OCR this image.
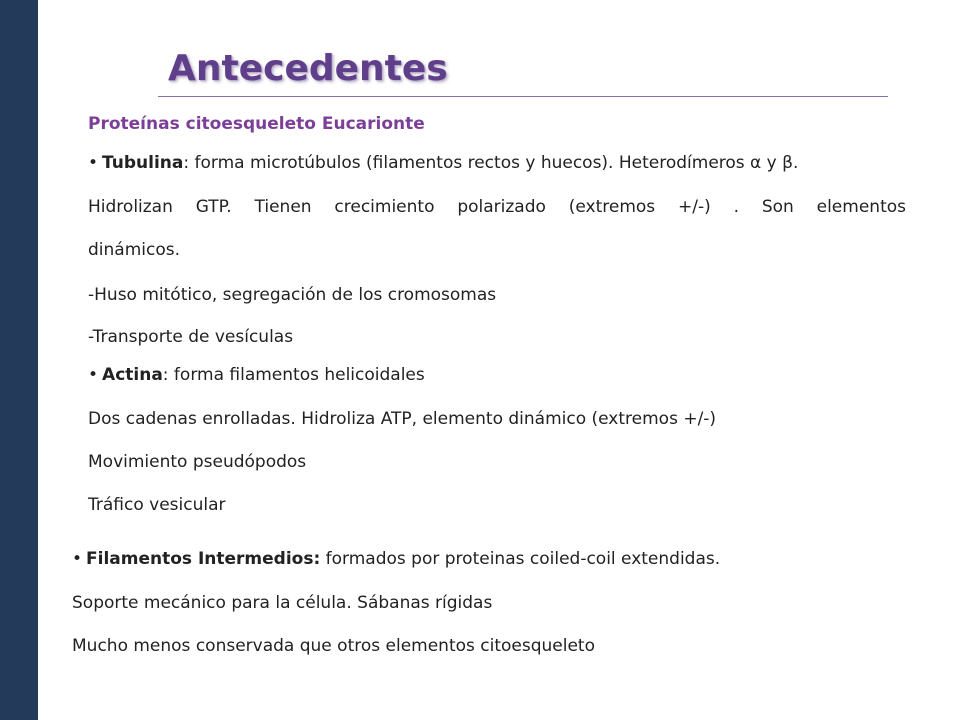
Antecedentes
Proteínas citoesqueleto Eucarionte

• Tubulina: forma microtúbulos (filamentos rectos y huecos). Heterodímeros α y β.

Hidrolizan GTP. Tienen crecimiento polarizado (extremos +/-) . Son elementos

dinámicos.

-Huso mitótico, segregación de los cromosomas

-Transporte de vesículas

• Actina: forma filamentos helicoidales

Dos cadenas enrolladas. Hidroliza ATP, elemento dinámico (extremos +/-)

Movimiento pseudópodos

Tráfico vesicular

• Filamentos Intermedios: formados por proteinas coiled-coil extendidas.

Soporte mecánico para la célula. Sábanas rígidas

Mucho menos conservada que otros elementos citoesqueleto
